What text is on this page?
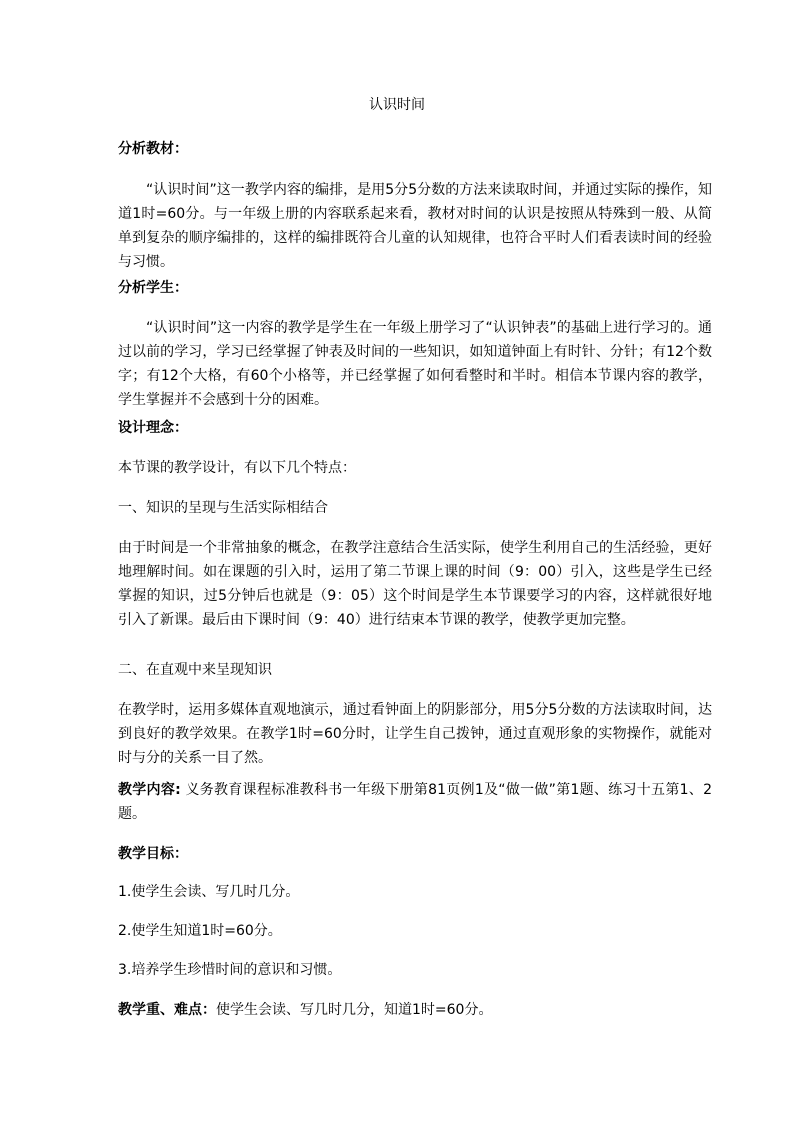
认识时间
分析教材：
“认识时间”这一教学内容的编排，是用5分5分数的方法来读取时间，并通过实际的操作，知道1时=60分。与一年级上册的内容联系起来看，教材对时间的认识是按照从特殊到一般、从简单到复杂的顺序编排的，这样的编排既符合儿童的认知规律，也符合平时人们看表读时间的经验与习惯。
分析学生：
“认识时间”这一内容的教学是学生在一年级上册学习了“认识钟表”的基础上进行学习的。通过以前的学习，学习已经掌握了钟表及时间的一些知识，如知道钟面上有时针、分针；有12个数字；有12个大格，有60个小格等，并已经掌握了如何看整时和半时。相信本节课内容的教学，学生掌握并不会感到十分的困难。
设计理念：
本节课的教学设计，有以下几个特点：
一、知识的呈现与生活实际相结合
由于时间是一个非常抽象的概念，在教学注意结合生活实际，使学生利用自己的生活经验，更好地理解时间。如在课题的引入时，运用了第二节课上课的时间（9：00）引入，这些是学生已经掌握的知识，过5分钟后也就是（9：05）这个时间是学生本节课要学习的内容，这样就很好地引入了新课。最后由下课时间（9：40）进行结束本节课的教学，使教学更加完整。
二、在直观中来呈现知识
在教学时，运用多媒体直观地演示，通过看钟面上的阴影部分，用5分5分数的方法读取时间，达到良好的教学效果。在教学1时=60分时，让学生自己拨钟，通过直观形象的实物操作，就能对时与分的关系一目了然。
教学内容: 义务教育课程标准教科书一年级下册第81页例1及“做一做”第1题、练习十五第1、2题。
教学目标：
1.使学生会读、写几时几分。
2.使学生知道1时=60分。
3.培养学生珍惜时间的意识和习惯。
教学重、难点：使学生会读、写几时几分，知道1时=60分。
